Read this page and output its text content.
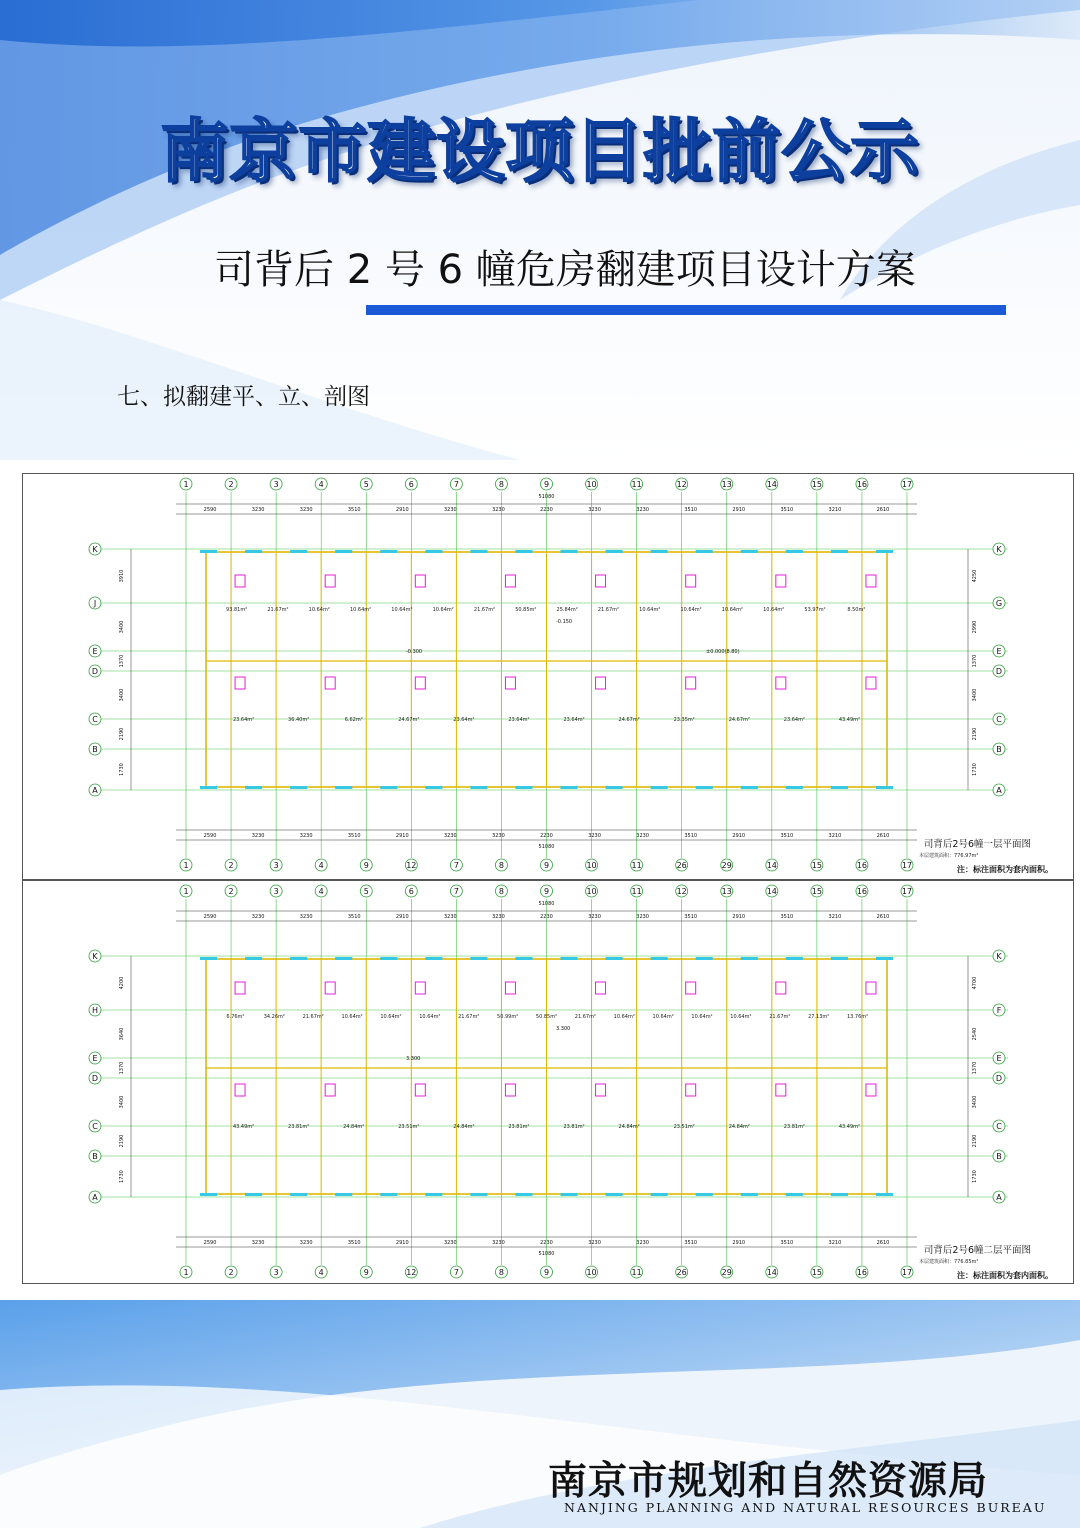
南京市建设项目批前公示
司背后 2 号 6 幢危房翻建项目设计方案
七、拟翻建平、立、剖图
1	2	3	4	5	6	7	8	9	10	11	12	13	14	15	16	17
1	2	3	4	9	12	7	8	9	10	11	26	29	14	15	16	17
K
J
E
D
C
B
A
K
G
E
D
C
B
A
51080
51080
2590
2590
3230
3230
3230
3230
3510
3510
2910
2910
3230
3230
3230
3230
2230
2230
3230
3230
3230
3230
3510
3510
2910
2910
3510
3510
3210
3210
2610
2610
3910
3400
1370
3400
2190
1730
4250
2990
1370
3400
2190
1730
93.81m²	21.67m²	10.64m²	10.64m²	10.64m²	10.64m²	21.67m²	50.85m²	25.84m²	21.67m²	10.64m²	10.64m²	10.64m²	10.64m²	53.97m²	8.50m²
23.64m²	36.40m²	6.62m²	24.67m²	23.64m²	23.64m²	23.64m²	24.67m²	23.35m²	24.67m²	23.64m²	43.49m²
-0.300
-0.150
±0.000(8.80)
司背后2号6幢一层平面图
本层建筑面积：776.97m²
注：标注面积为套内面积。
1	2	3	4	5	6	7	8	9	10	11	12	13	14	15	16	17
1	2	3	4	9	12	7	8	9	10	11	26	29	14	15	16	17
K
H
E
D
C
B
A
K
F
E
D
C
B
A
51080
51080
2590
2590
3230
3230
3230
3230
3510
3510
2910
2910
3230
3230
3230
3230
2230
2230
3230
3230
3230
3230
3510
3510
2910
2910
3510
3510
3210
3210
2610
2610
4200
3640
1370
3400
2190
1730
4700
2540
1370
3400
2190
1730
6.76m²	34.26m²	21.67m²	10.64m²	10.64m²	10.64m²	21.67m²	50.99m²	50.85m²	21.67m²	10.64m²	10.64m²	10.64m²	10.64m²	21.67m²	27.13m²	13.76m²
43.49m²	23.81m²	24.84m²	23.51m²	24.84m²	23.81m²	23.81m²	24.84m²	23.51m²	24.84m²	23.81m²	43.49m²
3.300
3.300
司背后2号6幢二层平面图
本层建筑面积：776.85m²
注：标注面积为套内面积。
南京市规划和自然资源局
NANJING PLANNING AND NATURAL RESOURCES BUREAU
